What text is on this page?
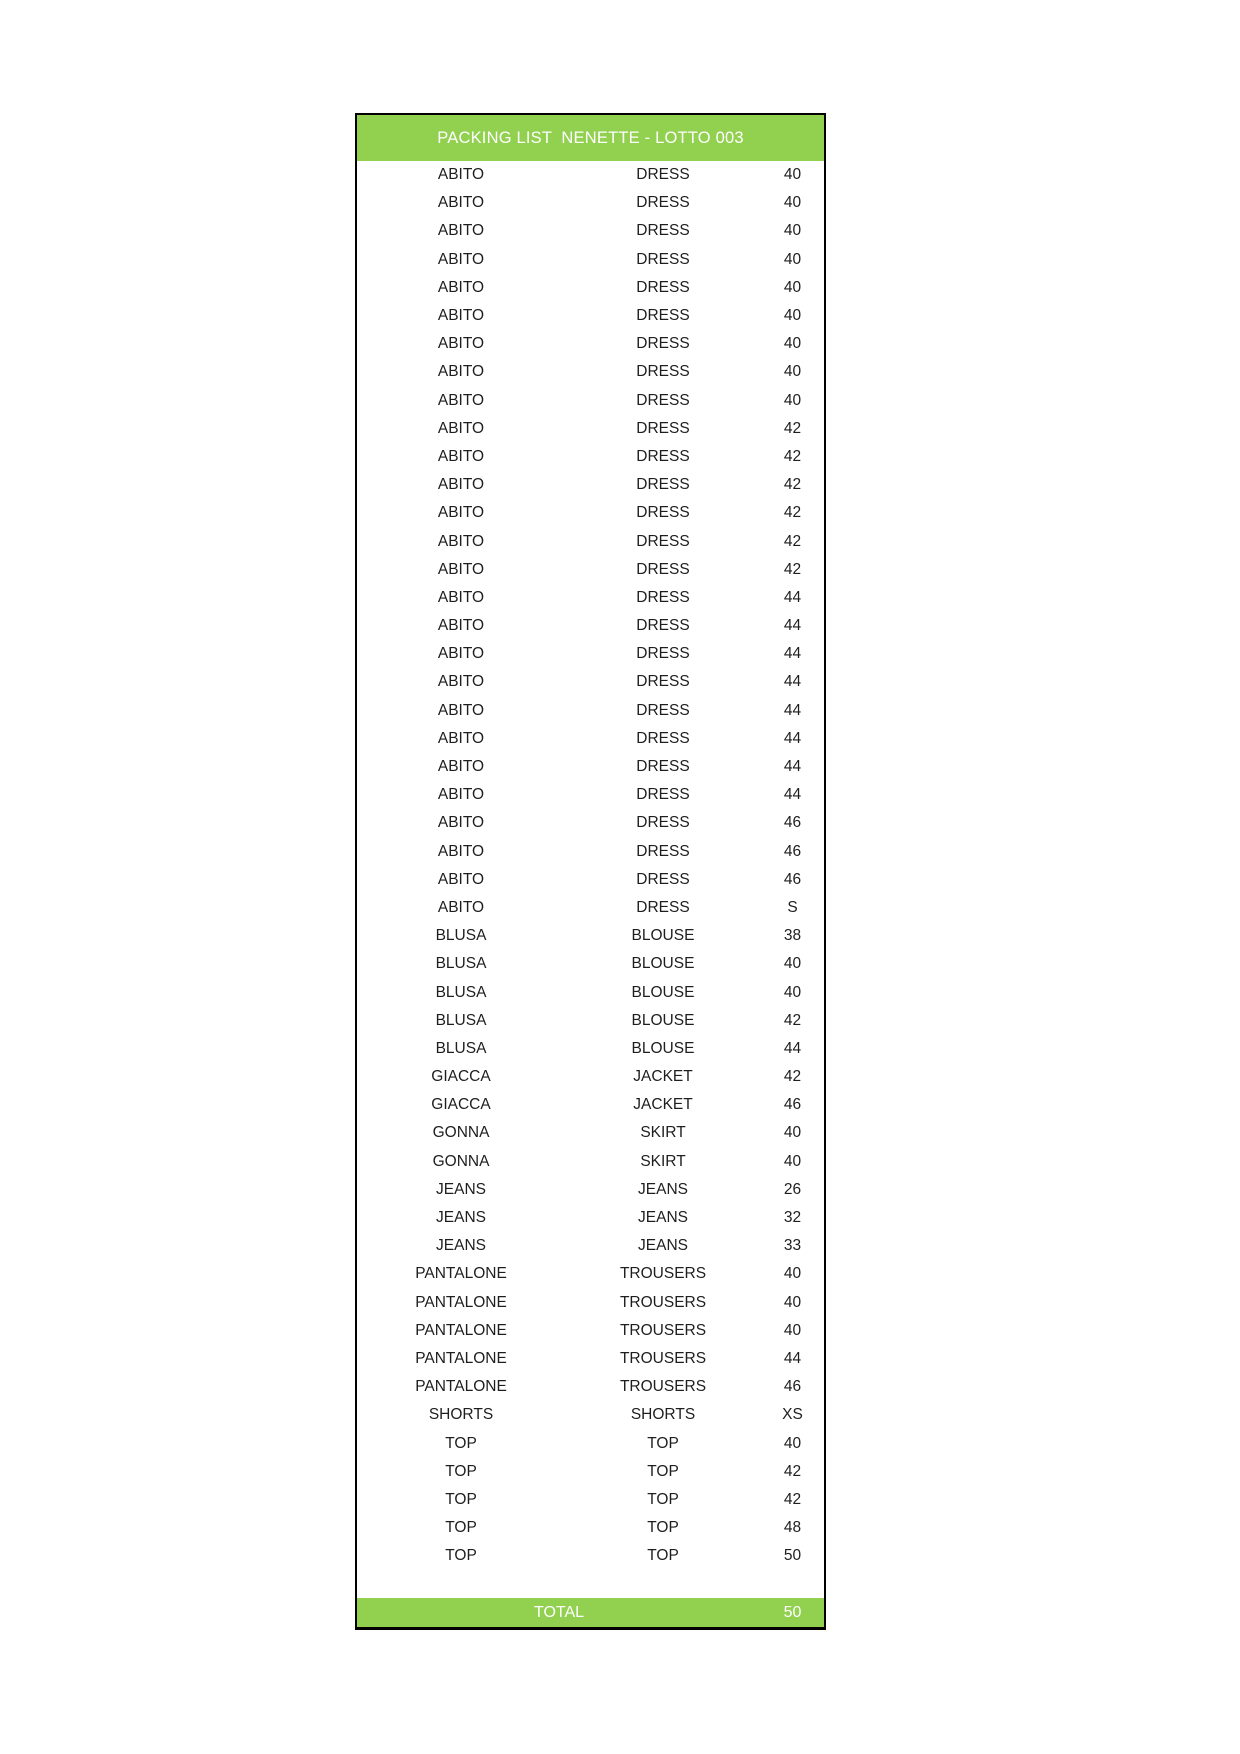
PACKING LIST  NENETTE - LOTTO 003
ABITO	DRESS	40
ABITO	DRESS	40
ABITO	DRESS	40
ABITO	DRESS	40
ABITO	DRESS	40
ABITO	DRESS	40
ABITO	DRESS	40
ABITO	DRESS	40
ABITO	DRESS	40
ABITO	DRESS	42
ABITO	DRESS	42
ABITO	DRESS	42
ABITO	DRESS	42
ABITO	DRESS	42
ABITO	DRESS	42
ABITO	DRESS	44
ABITO	DRESS	44
ABITO	DRESS	44
ABITO	DRESS	44
ABITO	DRESS	44
ABITO	DRESS	44
ABITO	DRESS	44
ABITO	DRESS	44
ABITO	DRESS	46
ABITO	DRESS	46
ABITO	DRESS	46
ABITO	DRESS	S
BLUSA	BLOUSE	38
BLUSA	BLOUSE	40
BLUSA	BLOUSE	40
BLUSA	BLOUSE	42
BLUSA	BLOUSE	44
GIACCA	JACKET	42
GIACCA	JACKET	46
GONNA	SKIRT	40
GONNA	SKIRT	40
JEANS	JEANS	26
JEANS	JEANS	32
JEANS	JEANS	33
PANTALONE	TROUSERS	40
PANTALONE	TROUSERS	40
PANTALONE	TROUSERS	40
PANTALONE	TROUSERS	44
PANTALONE	TROUSERS	46
SHORTS	SHORTS	XS
TOP	TOP	40
TOP	TOP	42
TOP	TOP	42
TOP	TOP	48
TOP	TOP	50
TOTAL	50
